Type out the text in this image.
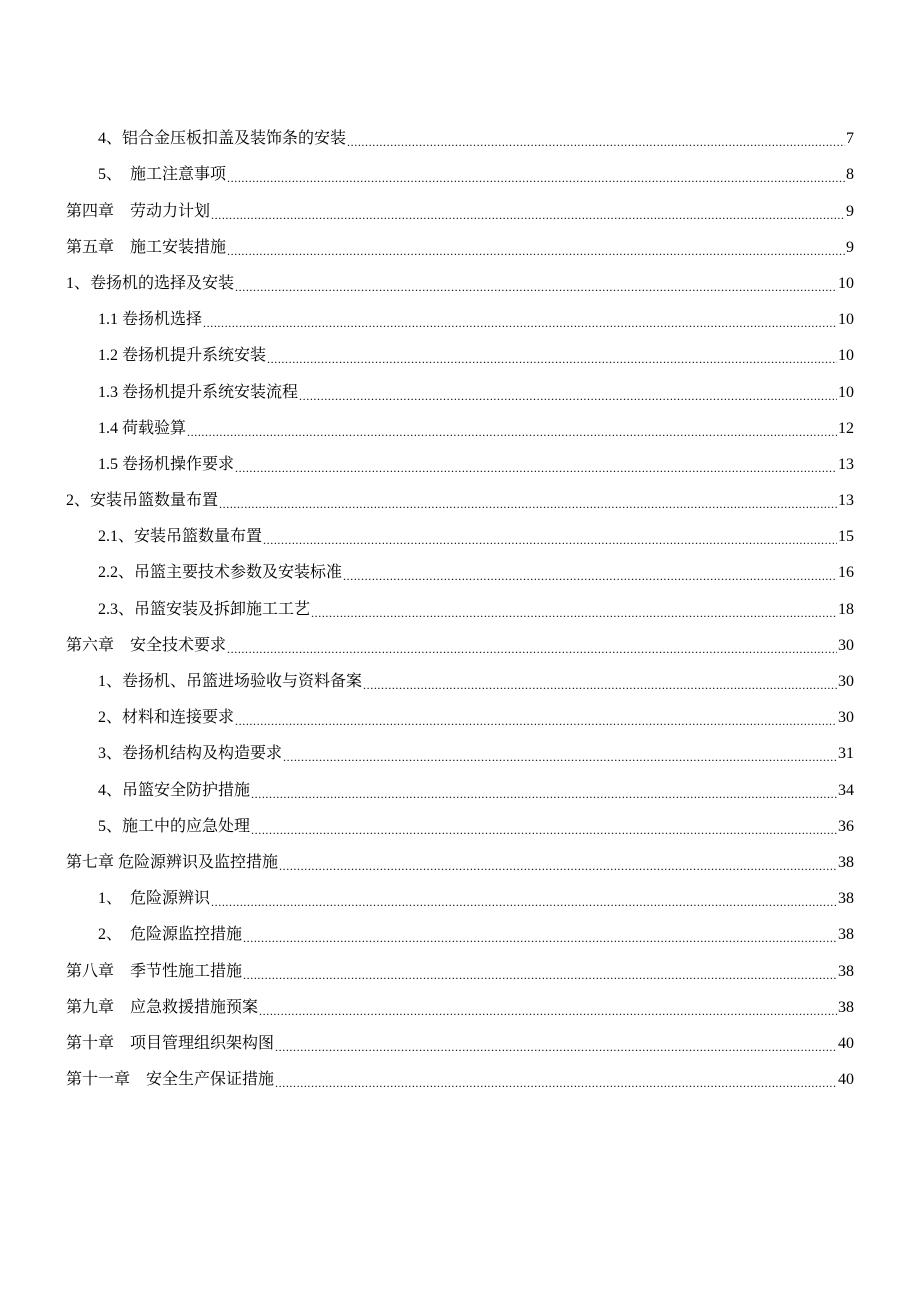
4、铝合金压板扣盖及装饰条的安装 .....	7
5、　施工注意事项 .....	8
第四章　劳动力计划 .....	9
第五章　施工安装措施 .....	9
1、卷扬机的选择及安装 .....	10
1.1 卷扬机选择 .....	10
1.2 卷扬机提升系统安装 .....	10
1.3 卷扬机提升系统安装流程 .....	10
1.4 荷载验算 .....	12
1.5 卷扬机操作要求 .....	13
2、安装吊篮数量布置 .....	13
2.1、安装吊篮数量布置 .....	15
2.2、吊篮主要技术参数及安装标准 .....	16
2.3、吊篮安装及拆卸施工工艺 .....	18
第六章　安全技术要求 .....	30
1、卷扬机、吊篮进场验收与资料备案 .....	30
2、材料和连接要求 .....	30
3、卷扬机结构及构造要求 .....	31
4、吊篮安全防护措施 .....	34
5、施工中的应急处理 .....	36
第七章 危险源辨识及监控措施 .....	38
1、　危险源辨识 .....	38
2、　危险源监控措施 .....	38
第八章　季节性施工措施 .....	38
第九章　应急救援措施预案 .....	38
第十章　项目管理组织架构图 .....	40
第十一章　安全生产保证措施 .....	40
